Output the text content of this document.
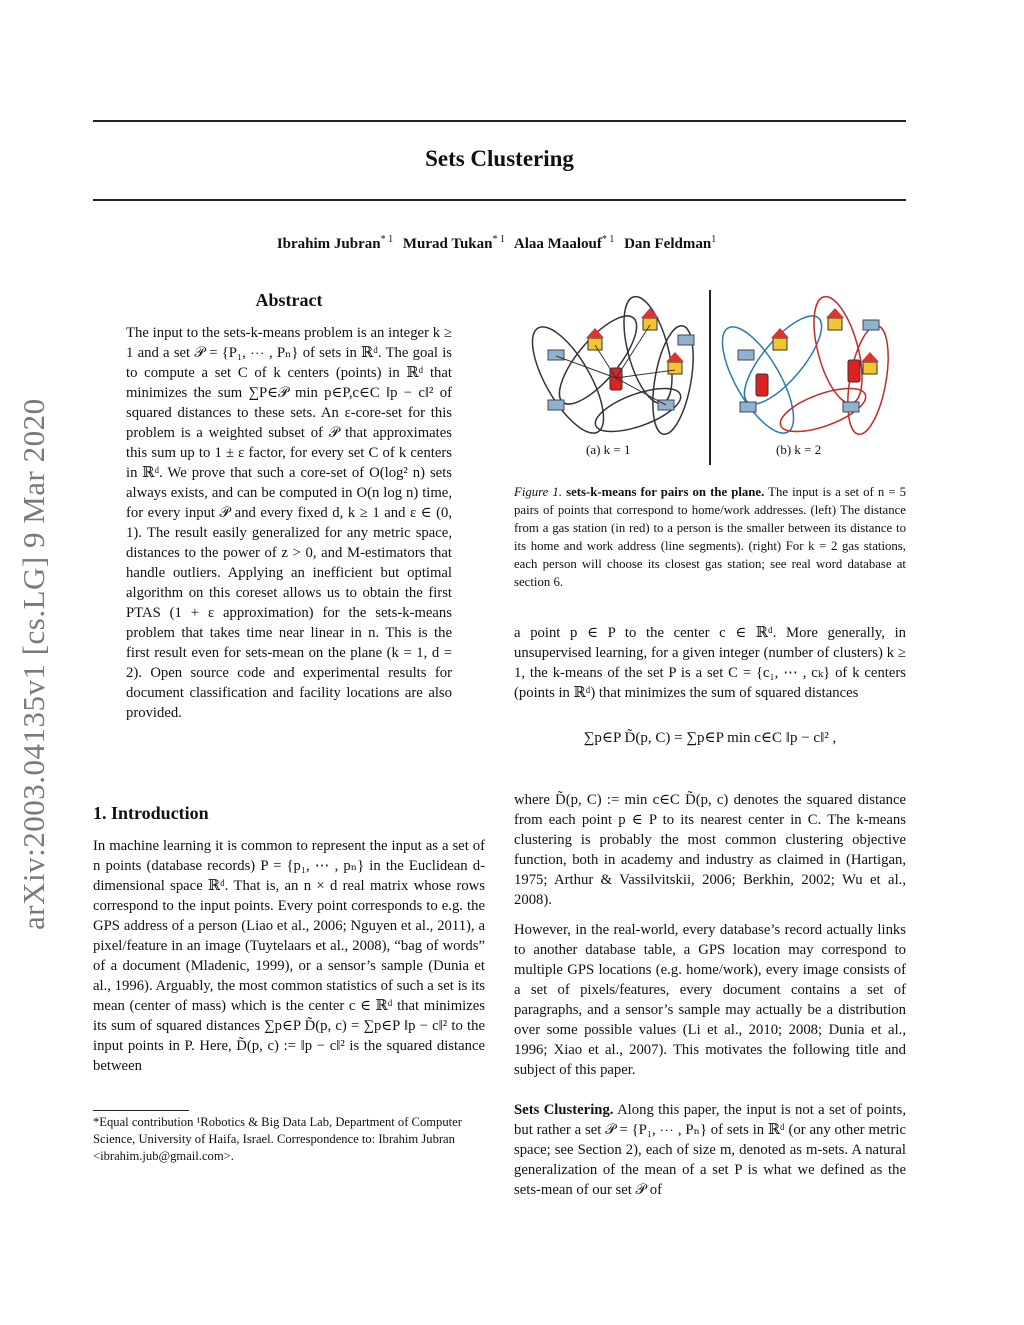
Sets Clustering
Ibrahim Jubran$^{* 1}$ Murad Tukan$^{* 1}$ Alaa Maalouf$^{* 1}$ Dan Feldman$^1$
arXiv:2003.04135v1 [cs.LG] 9 Mar 2020
Abstract
The input to the sets-k-means problem is an integer k ≥ 1 and a set 𝒫 = {P₁, ⋯ , Pₙ} of sets in ℝᵈ. The goal is to compute a set C of k centers (points) in ℝᵈ that minimizes the sum ∑P∈𝒫 min p∈P,c∈C ‖p − c‖² of squared distances to these sets. An ε-core-set for this problem is a weighted subset of 𝒫 that approximates this sum up to 1 ± ε factor, for every set C of k centers in ℝᵈ. We prove that such a core-set of O(log² n) sets always exists, and can be computed in O(n log n) time, for every input 𝒫 and every fixed d, k ≥ 1 and ε ∈ (0, 1). The result easily generalized for any metric space, distances to the power of z > 0, and M-estimators that handle outliers. Applying an inefficient but optimal algorithm on this coreset allows us to obtain the first PTAS (1 + ε approximation) for the sets-k-means problem that takes time near linear in n. This is the first result even for sets-mean on the plane (k = 1, d = 2). Open source code and experimental results for document classification and facility locations are also provided.
1. Introduction
In machine learning it is common to represent the input as a set of n points (database records) P = {p₁, ⋯ , pₙ} in the Euclidean d-dimensional space ℝᵈ. That is, an n × d real matrix whose rows correspond to the input points. Every point corresponds to e.g. the GPS address of a person (Liao et al., 2006; Nguyen et al., 2011), a pixel/feature in an image (Tuytelaars et al., 2008), “bag of words” of a document (Mladenic, 1999), or a sensor’s sample (Dunia et al., 1996). Arguably, the most common statistics of such a set is its mean (center of mass) which is the center c ∈ ℝᵈ that minimizes its sum of squared distances ∑p∈P D̃(p, c) = ∑p∈P ‖p − c‖² to the input points in P. Here, D̃(p, c) := ‖p − c‖² is the squared distance between
*Equal contribution ¹Robotics & Big Data Lab, Department of Computer Science, University of Haifa, Israel. Correspondence to: Ibrahim Jubran <ibrahim.jub@gmail.com>.
(a) k = 1	(b) k = 2
Figure 1. sets-k-means for pairs on the plane. The input is a set of n = 5 pairs of points that correspond to home/work addresses. (left) The distance from a gas station (in red) to a person is the smaller between its distance to its home and work address (line segments). (right) For k = 2 gas stations, each person will choose its closest gas station; see real word database at section 6.
a point p ∈ P to the center c ∈ ℝᵈ. More generally, in unsupervised learning, for a given integer (number of clusters) k ≥ 1, the k-means of the set P is a set C = {c₁, ⋯ , cₖ} of k centers (points in ℝᵈ) that minimizes the sum of squared distances
∑p∈P D̃(p, C) = ∑p∈P min c∈C ‖p − c‖² ,
where D̃(p, C) := min c∈C D̃(p, c) denotes the squared distance from each point p ∈ P to its nearest center in C. The k-means clustering is probably the most common clustering objective function, both in academy and industry as claimed in (Hartigan, 1975; Arthur & Vassilvitskii, 2006; Berkhin, 2002; Wu et al., 2008).
However, in the real-world, every database’s record actually links to another database table, a GPS location may correspond to multiple GPS locations (e.g. home/work), every image consists of a set of pixels/features, every document contains a set of paragraphs, and a sensor’s sample may actually be a distribution over some possible values (Li et al., 2010; 2008; Dunia et al., 1996; Xiao et al., 2007). This motivates the following title and subject of this paper.
Sets Clustering. Along this paper, the input is not a set of points, but rather a set 𝒫 = {P₁, ⋯ , Pₙ} of sets in ℝᵈ (or any other metric space; see Section 2), each of size m, denoted as m-sets. A natural generalization of the mean of a set P is what we defined as the sets-mean of our set 𝒫 of
